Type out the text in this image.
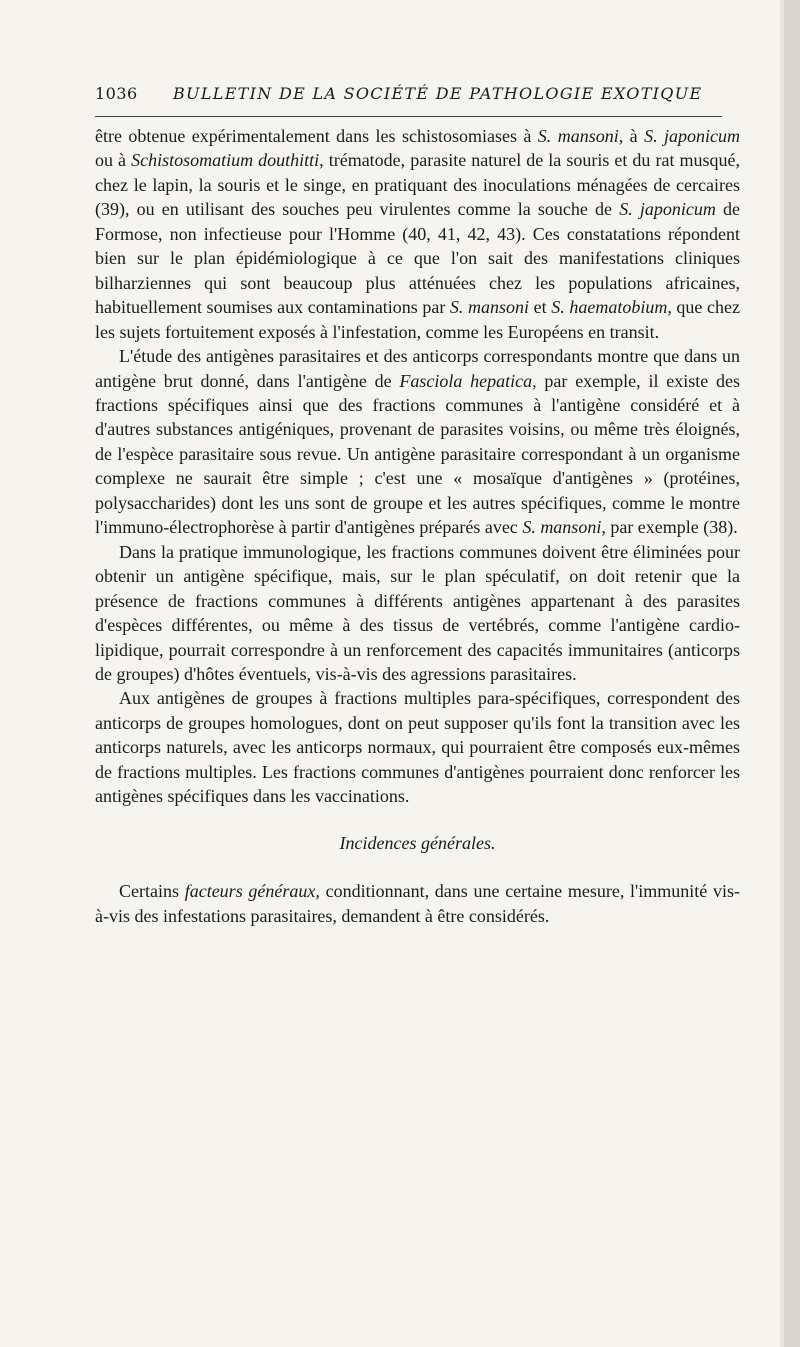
1036 BULLETIN DE LA SOCIÉTÉ DE PATHOLOGIE EXOTIQUE

être obtenue expérimentalement dans les schistosomiases à S. mansoni, à S. japonicum ou à Schistosomatium douthitti, trématode, parasite naturel de la souris et du rat musqué, chez le lapin, la souris et le singe, en pratiquant des inoculations ménagées de cercaires (39), ou en utilisant des souches peu virulentes comme la souche de S. japonicum de Formose, non infectieuse pour l'Homme (40, 41, 42, 43). Ces constatations répondent bien sur le plan épidémiologique à ce que l'on sait des manifestations cliniques bilharziennes qui sont beaucoup plus atténuées chez les populations africaines, habituellement soumises aux contaminations par S. mansoni et S. haematobium, que chez les sujets fortuitement exposés à l'infestation, comme les Européens en transit.

L'étude des antigènes parasitaires et des anticorps correspondants montre que dans un antigène brut donné, dans l'antigène de Fasciola hepatica, par exemple, il existe des fractions spécifiques ainsi que des fractions communes à l'antigène considéré et à d'autres substances antigéniques, provenant de parasites voisins, ou même très éloignés, de l'espèce parasitaire sous revue. Un antigène parasitaire correspondant à un organisme complexe ne saurait être simple ; c'est une « mosaïque d'antigènes » (protéines, polysaccharides) dont les uns sont de groupe et les autres spécifiques, comme le montre l'immuno-électrophorèse à partir d'antigènes préparés avec S. mansoni, par exemple (38).

Dans la pratique immunologique, les fractions communes doivent être éliminées pour obtenir un antigène spécifique, mais, sur le plan spéculatif, on doit retenir que la présence de fractions communes à différents antigènes appartenant à des parasites d'espèces différentes, ou même à des tissus de vertébrés, comme l'antigène cardio-lipidique, pourrait correspondre à un renforcement des capacités immunitaires (anticorps de groupes) d'hôtes éventuels, vis-à-vis des agressions parasitaires.

Aux antigènes de groupes à fractions multiples para-spécifiques, correspondent des anticorps de groupes homologues, dont on peut supposer qu'ils font la transition avec les anticorps naturels, avec les anticorps normaux, qui pourraient être composés eux-mêmes de fractions multiples. Les fractions communes d'antigènes pourraient donc renforcer les antigènes spécifiques dans les vaccinations.

Incidences générales.

Certains facteurs généraux, conditionnant, dans une certaine mesure, l'immunité vis-à-vis des infestations parasitaires, demandent à être considérés.
